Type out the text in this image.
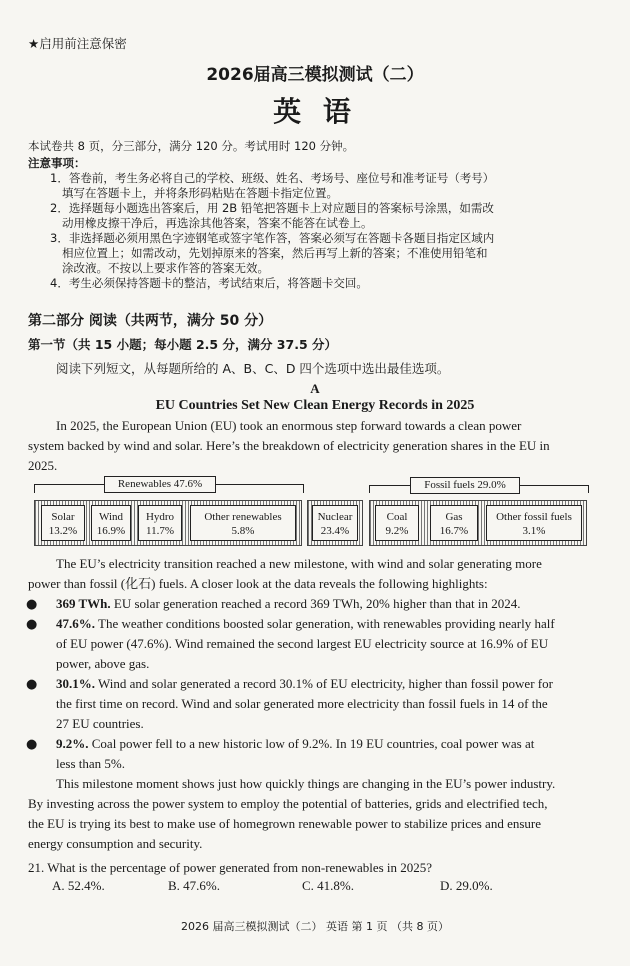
★启用前注意保密
2026届高三模拟测试（二）
英 语
本试卷共 8 页，分三部分，满分 120 分。考试用时 120 分钟。
注意事项：
1．答卷前，考生务必将自己的学校、班级、姓名、考场号、座位号和准考证号（考号）
填写在答题卡上，并将条形码粘贴在答题卡指定位置。
2．选择题每小题选出答案后，用 2B 铅笔把答题卡上对应题目的答案标号涂黑，如需改
动用橡皮擦干净后，再选涂其他答案，答案不能答在试卷上。
3．非选择题必须用黑色字迹钢笔或签字笔作答，答案必须写在答题卡各题目指定区域内
相应位置上；如需改动，先划掉原来的答案，然后再写上新的答案；不准使用铅笔和
涂改液。不按以上要求作答的答案无效。
4．考生必须保持答题卡的整洁，考试结束后，将答题卡交回。
第二部分 阅读（共两节，满分 50 分）
第一节（共 15 小题；每小题 2.5 分，满分 37.5 分）
阅读下列短文，从每题所给的 A、B、C、D 四个选项中选出最佳选项。
A
EU Countries Set New Clean Energy Records in 2025
In 2025, the European Union (EU) took an enormous step forward towards a clean power
system backed by wind and solar. Here’s the breakdown of electricity generation shares in the EU in
2025.
Renewables 47.6%	Fossil fuels 29.0%
Solar
13.2%
Wind
16.9%
Hydro
11.7%
Other renewables
5.8%
Nuclear
23.4%
Coal
9.2%
Gas
16.7%
Other fossil fuels
3.1%
The EU’s electricity transition reached a new milestone, with wind and solar generating more
power than fossil (化石) fuels. A closer look at the data reveals the following highlights:
● 369 TWh. EU solar generation reached a record 369 TWh, 20% higher than that in 2024.
● 47.6%. The weather conditions boosted solar generation, with renewables providing nearly half
of EU power (47.6%). Wind remained the second largest EU electricity source at 16.9% of EU
power, above gas.
● 30.1%. Wind and solar generated a record 30.1% of EU electricity, higher than fossil power for
the first time on record. Wind and solar generated more electricity than fossil fuels in 14 of the
27 EU countries.
● 9.2%. Coal power fell to a new historic low of 9.2%. In 19 EU countries, coal power was at
less than 5%.
This milestone moment shows just how quickly things are changing in the EU’s power industry.
By investing across the power system to employ the potential of batteries, grids and electrified tech,
the EU is trying its best to make use of homegrown renewable power to stabilize prices and ensure
energy consumption and security.
21. What is the percentage of power generated from non-renewables in 2025?
A. 52.4%.	B. 47.6%.	C. 41.8%.	D. 29.0%.
2026 届高三模拟测试（二） 英语 第 1 页 （共 8 页）
